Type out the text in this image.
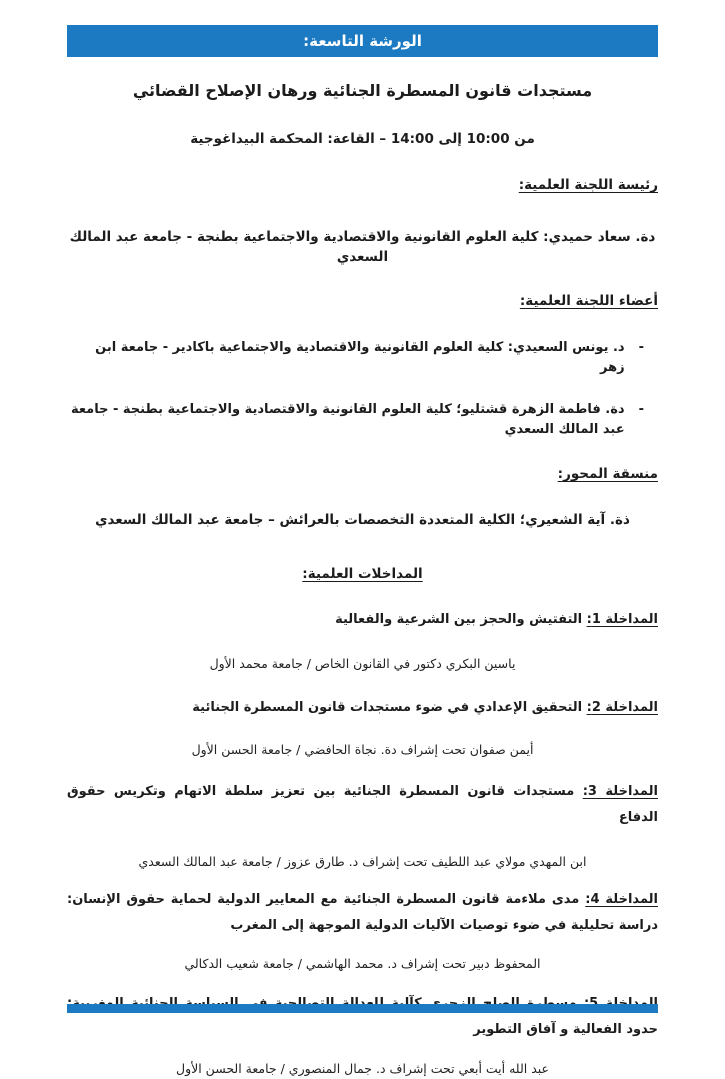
الورشة التاسعة:
مستجدات قانون المسطرة الجنائية ورهان الإصلاح القضائي
من 10:00 إلى 14:00 – القاعة: المحكمة البيداغوجية
رئيسة اللجنة العلمية:
دة. سعاد حميدي: كلية العلوم القانونية والاقتصادية والاجتماعية بطنجة - جامعة عبد المالك السعدي
أعضاء اللجنة العلمية:
-
د. يونس السعيدي: كلية العلوم القانونية والاقتصادية والاجتماعية باكادير - جامعة ابن زهر
-
دة. فاطمة الزهرة قشتليو؛ كلية العلوم القانونية والاقتصادية والاجتماعية بطنجة - جامعة عبد المالك السعدي
منسقة المحور:
ذة. آية الشعيري؛ الكلية المتعددة التخصصات بالعرائش – جامعة عبد المالك السعدي
المداخلات العلمية:
المداخلة 1: التفتيش والحجز بين الشرعية والفعالية
ياسين البكري دكتور في القانون الخاص / جامعة محمد الأول
المداخلة 2: التحقيق الإعدادي في ضوء مستجدات قانون المسطرة الجنائية
أيمن صفوان تحت إشراف دة. نجاة الحافضي / جامعة الحسن الأول
المداخلة 3: مستجدات قانون المسطرة الجنائية بين تعزيز سلطة الاتهام وتكريس حقوق الدفاع
ابن المهدي مولاي عبد اللطيف تحت إشراف د. طارق عزوز / جامعة عبد المالك السعدي
المداخلة 4: مدى ملاءمة قانون المسطرة الجنائية مع المعايير الدولية لحماية حقوق الإنسان: دراسة تحليلية في ضوء توصيات الآليات الدولية الموجهة إلى المغرب
المحفوظ دبير تحت إشراف د. محمد الهاشمي / جامعة شعيب الدكالي
حدود الفعالية و آفاق التطوير
عبد الله أيت أبعي تحت إشراف د. جمال المنصوري / جامعة الحسن الأول
